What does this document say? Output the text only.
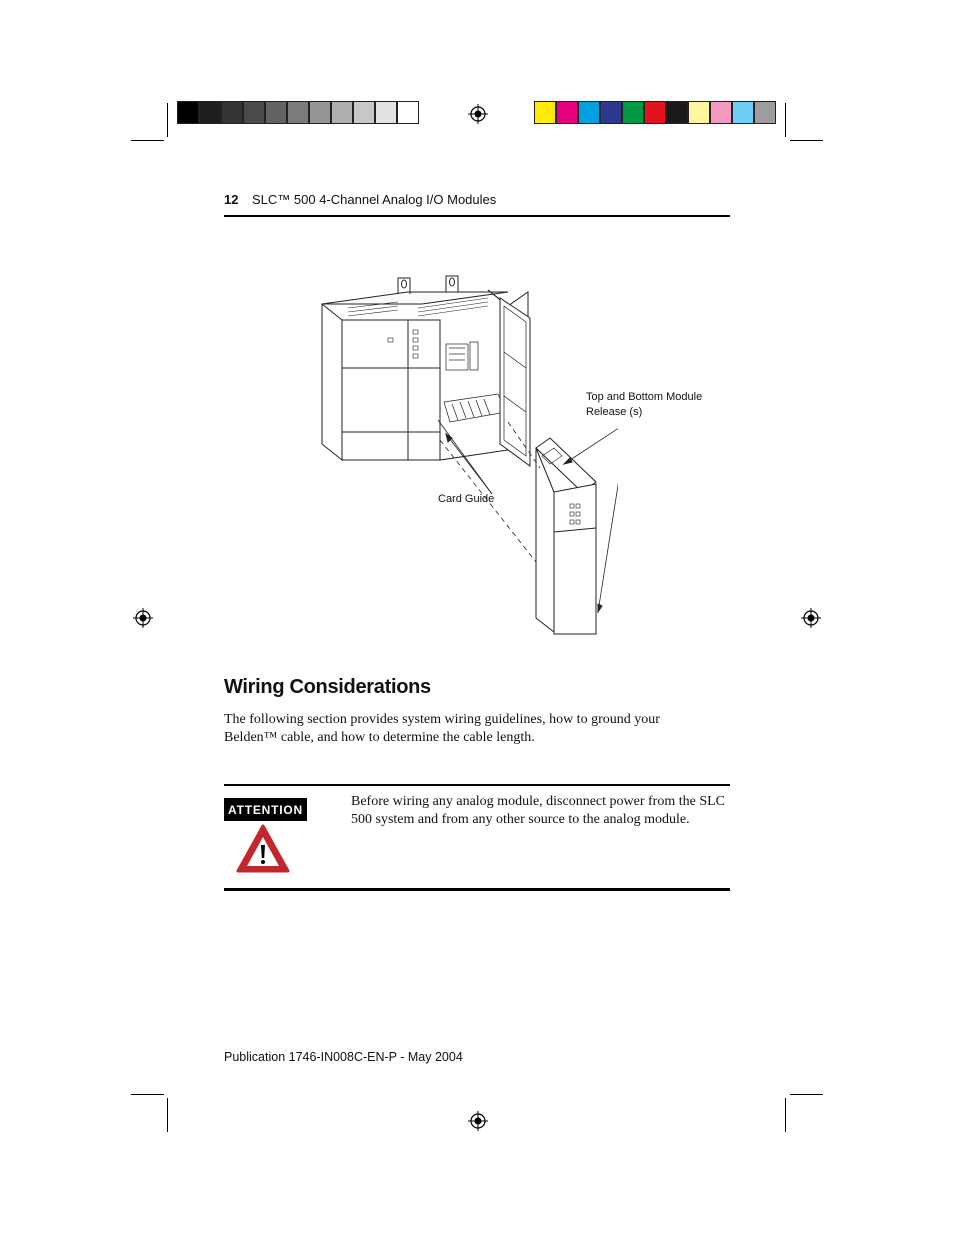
12 SLC™ 500 4-Channel Analog I/O Modules
Top and Bottom Module Release (s)
Card Guide
Wiring Considerations
The following section provides system wiring guidelines, how to ground your Belden™ cable, and how to determine the cable length.
ATTENTION
Before wiring any analog module, disconnect power from the SLC 500 system and from any other source to the analog module.
Publication 1746-IN008C-EN-P - May 2004
